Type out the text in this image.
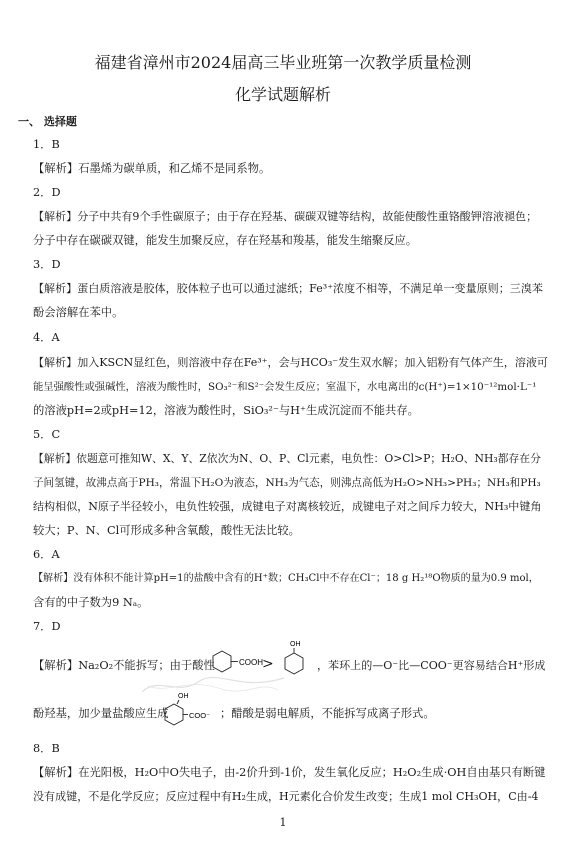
福建省漳州市2024届高三毕业班第一次教学质量检测
化学试题解析
一、 选择题
1．B
【解析】石墨烯为碳单质，和乙烯不是同系物。
2．D
【解析】分子中共有9个手性碳原子；由于存在羟基、碳碳双键等结构，故能使酸性重铬酸钾溶液褪色；
分子中存在碳碳双键，能发生加聚反应，存在羟基和羧基，能发生缩聚反应。
3．D
【解析】蛋白质溶液是胶体，胶体粒子也可以通过滤纸；Fe³⁺浓度不相等，不满足单一变量原则；三溴苯
酚会溶解在苯中。
4．A
【解析】加入KSCN显红色，则溶液中存在Fe³⁺，会与HCO₃⁻发生双水解；加入铝粉有气体产生，溶液可
能呈强酸性或强碱性，溶液为酸性时，SO₃²⁻和S²⁻会发生反应；室温下，水电离出的c(H⁺)=1×10⁻¹²mol·L⁻¹
的溶液pH=2或pH=12，溶液为酸性时，SiO₃²⁻与H⁺生成沉淀而不能共存。
5．C
【解析】依题意可推知W、X、Y、Z依次为N、O、P、Cl元素，电负性：O>Cl>P；H₂O、NH₃都存在分
子间氢键，故沸点高于PH₃，常温下H₂O为液态，NH₃为气态，则沸点高低为H₂O>NH₃>PH₃；NH₃和PH₃
结构相似，N原子半径较小，电负性较强，成键电子对离核较近，成键电子对之间斥力较大，NH₃中键角
较大；P、N、Cl可形成多种含氧酸，酸性无法比较。
6．A
【解析】没有体积不能计算pH=1的盐酸中含有的H⁺数；CH₃Cl中不存在Cl⁻；18 g H₂¹⁸O物质的量为0.9 mol，
含有的中子数为9 Nₐ。
7．D
【解析】Na₂O₂不能拆写；由于酸性	COOH >
OH
，苯环上的—O⁻比—COO⁻更容易结合H⁺形成
酚羟基，加少量盐酸应生成
OH
COO⁻ ；醋酸是弱电解质，不能拆写成离子形式。
8．B
【解析】在光阳极，H₂O中O失电子，由-2价升到-1价，发生氧化反应；H₂O₂生成·OH自由基只有断键
没有成键，不是化学反应；反应过程中有H₂生成，H元素化合价发生改变；生成1 mol CH₃OH，C由-4
1
